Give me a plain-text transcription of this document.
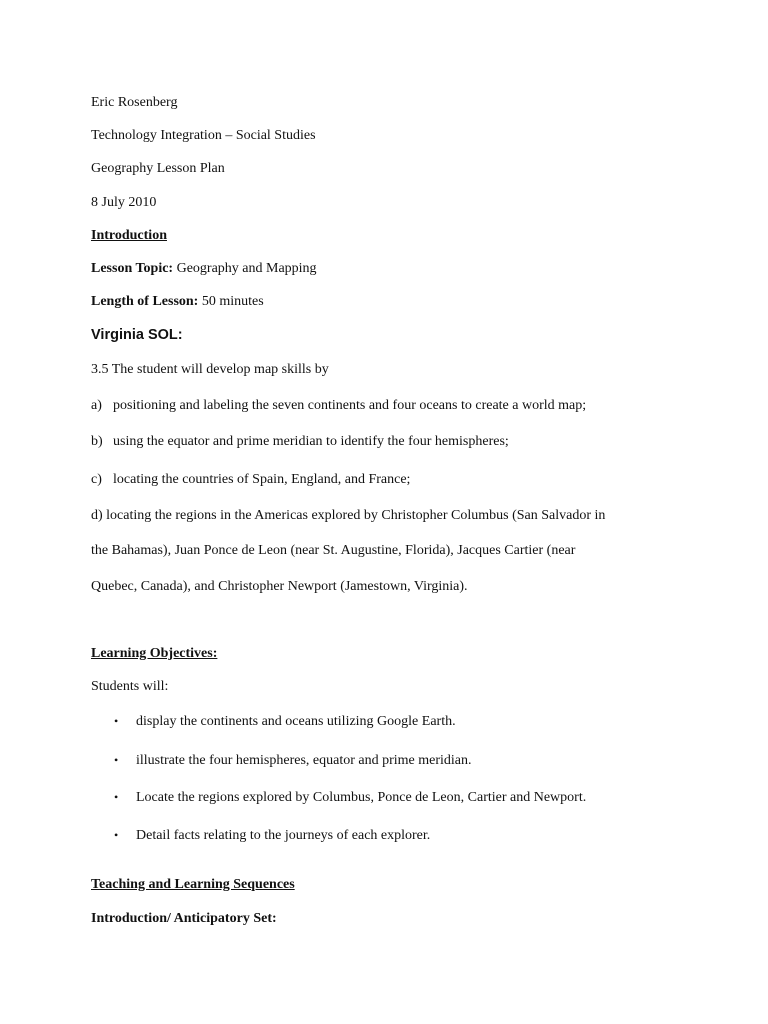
Eric Rosenberg
Technology Integration – Social Studies
Geography Lesson Plan
8 July 2010
Introduction
Lesson Topic: Geography and Mapping
Length of Lesson: 50 minutes
Virginia SOL:
3.5 The student will develop map skills by
a) positioning and labeling the seven continents and four oceans to create a world map;
b) using the equator and prime meridian to identify the four hemispheres;
c) locating the countries of Spain, England, and France;
d) locating the regions in the Americas explored by Christopher Columbus (San Salvador in
the Bahamas), Juan Ponce de Leon (near St. Augustine, Florida), Jacques Cartier (near
Quebec, Canada), and Christopher Newport (Jamestown, Virginia).
Learning Objectives:
Students will:
• display the continents and oceans utilizing Google Earth.
• illustrate the four hemispheres, equator and prime meridian.
• Locate the regions explored by Columbus, Ponce de Leon, Cartier and Newport.
• Detail facts relating to the journeys of each explorer.
Teaching and Learning Sequences
Introduction/ Anticipatory Set:
